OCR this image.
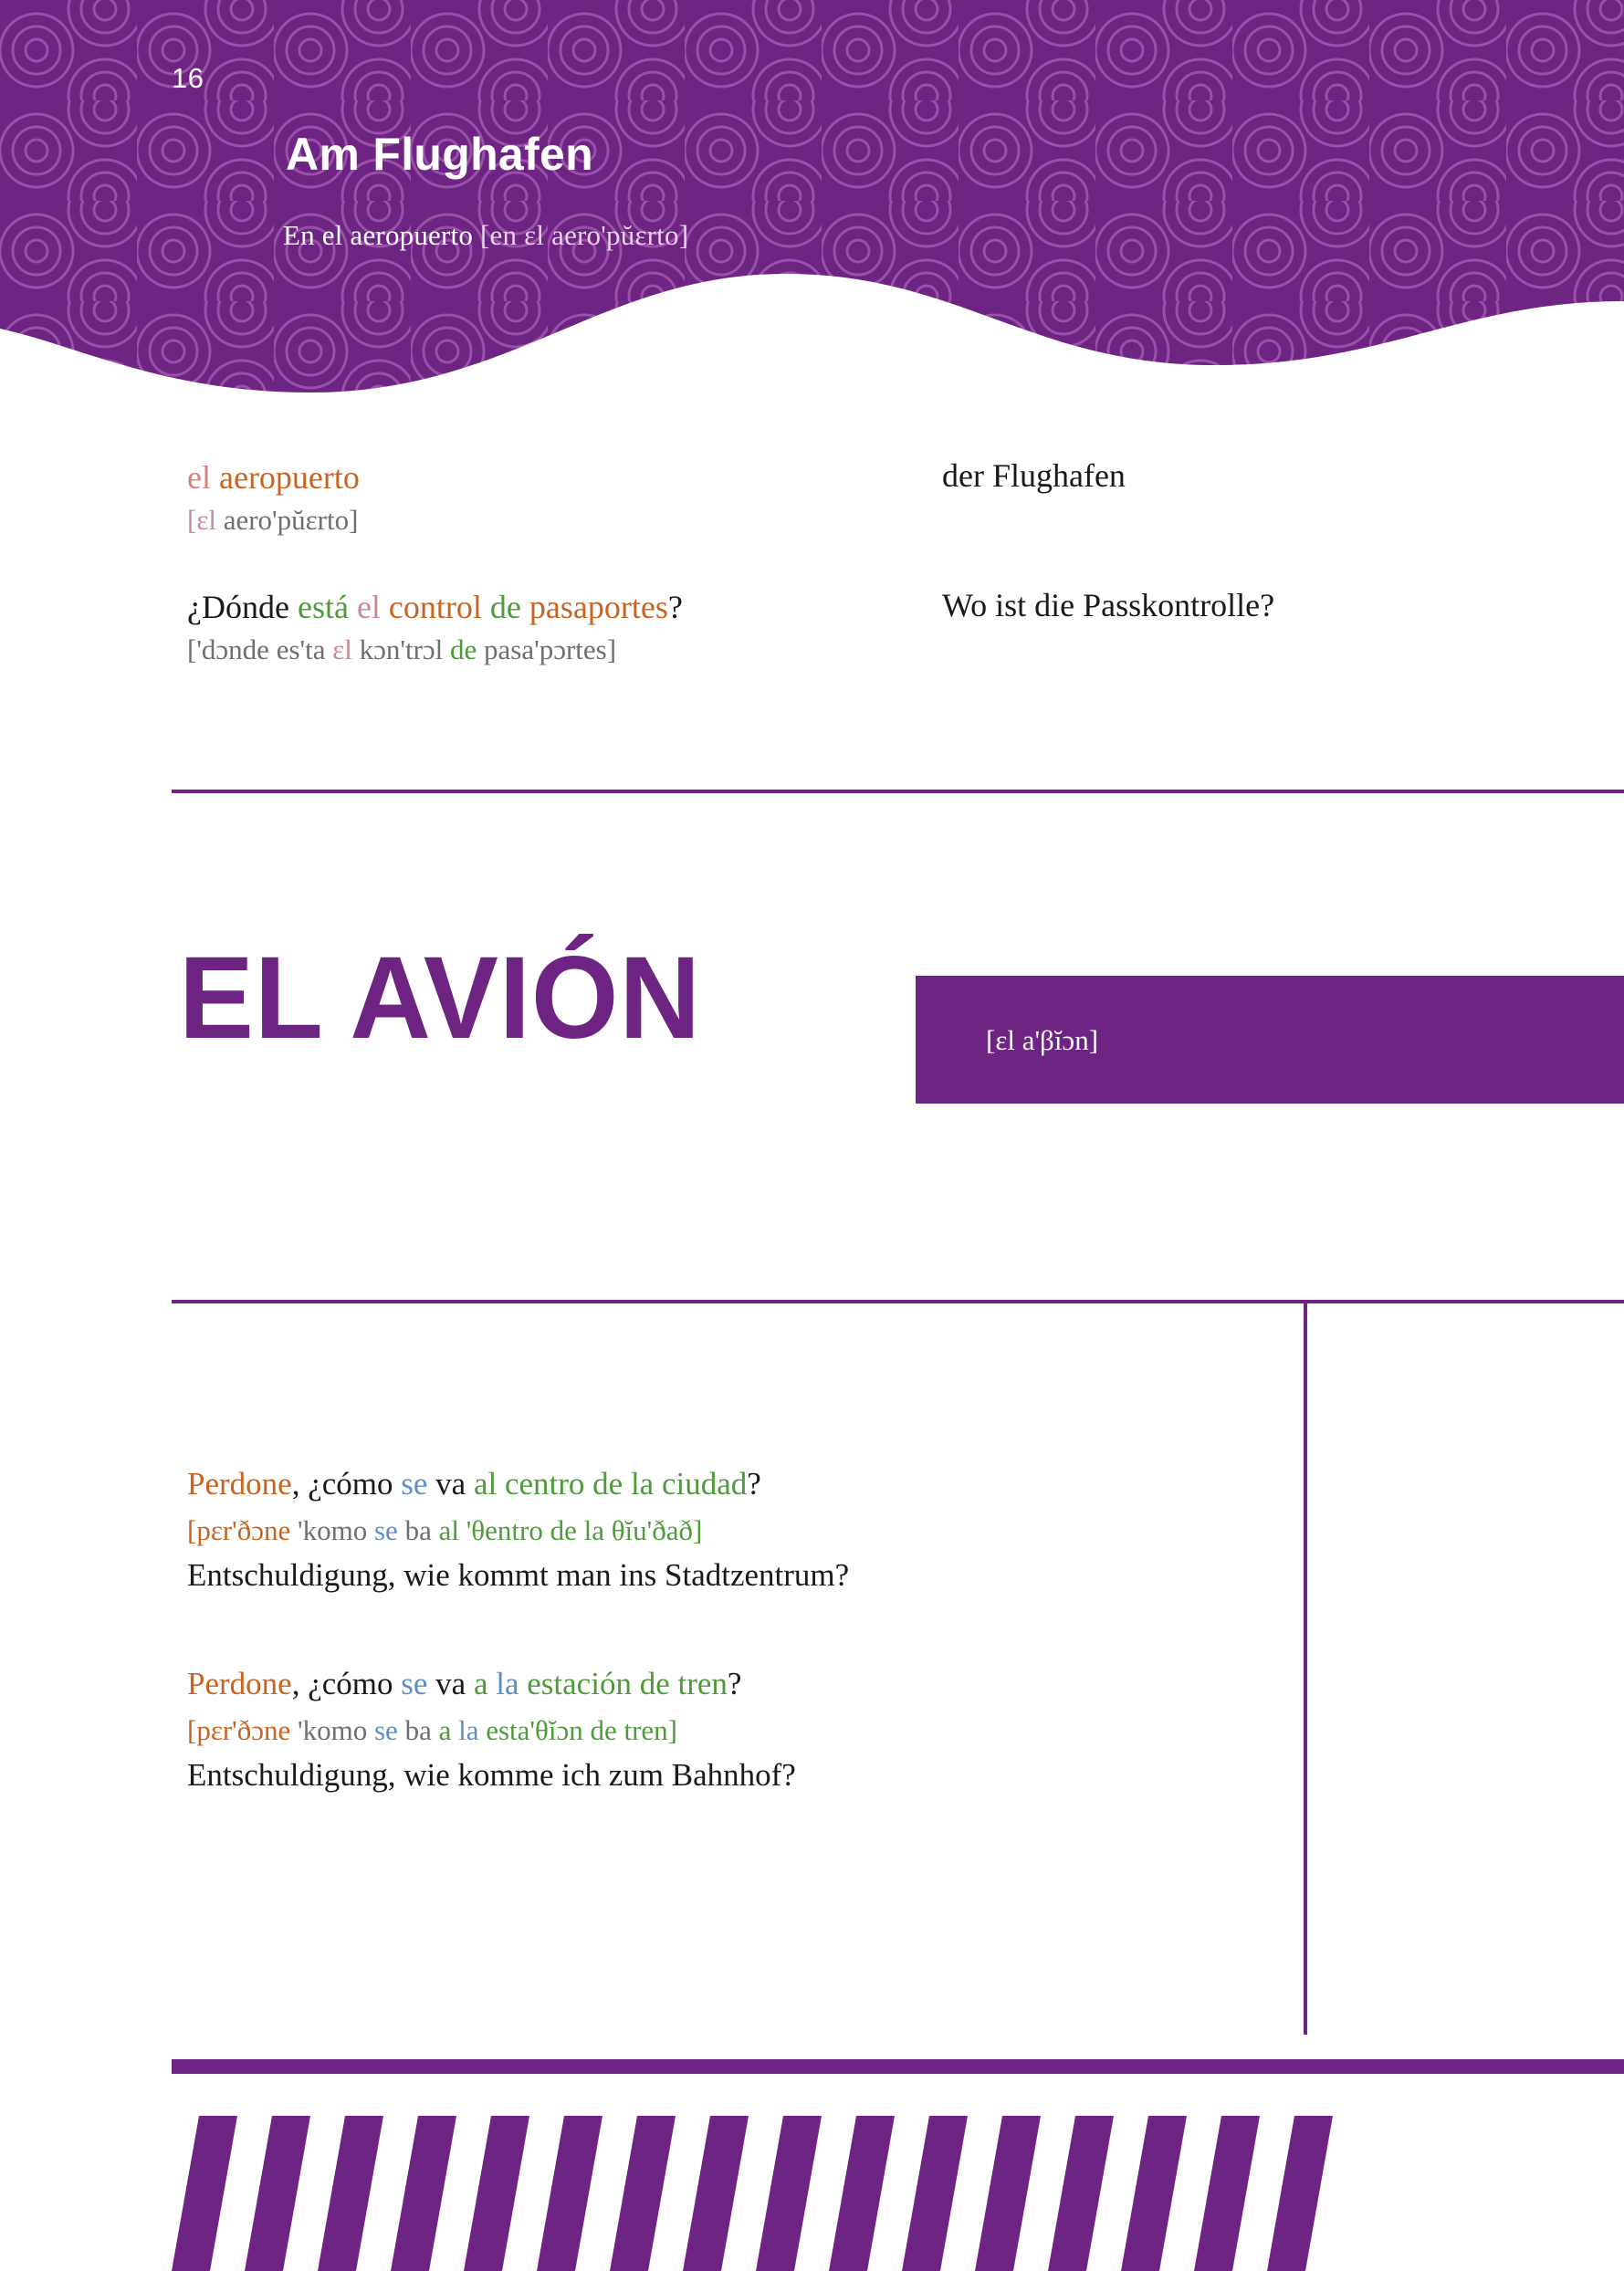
16
Am Flughafen
En el aeropuerto [en ɛl aero'pŭɛrto]
el aeropuerto
[ɛl aero'pŭɛrto]
der Flughafen
¿Dónde está el control de pasaportes?
['dɔnde es'ta ɛl kɔn'trɔl de pasa'pɔrtes]
Wo ist die Passkontrolle?
EL AVIÓN	[ɛl a'βĭɔn]
Perdone, ¿cómo se va al centro de la ciudad?
[pɛr'ðɔne 'komo se ba al 'θentro de la θĭu'ðað]
Entschuldigung, wie kommt man ins Stadtzentrum?
Perdone, ¿cómo se va a la estación de tren?
[pɛr'ðɔne 'komo se ba a la esta'θĭɔn de tren]
Entschuldigung, wie komme ich zum Bahnhof?
